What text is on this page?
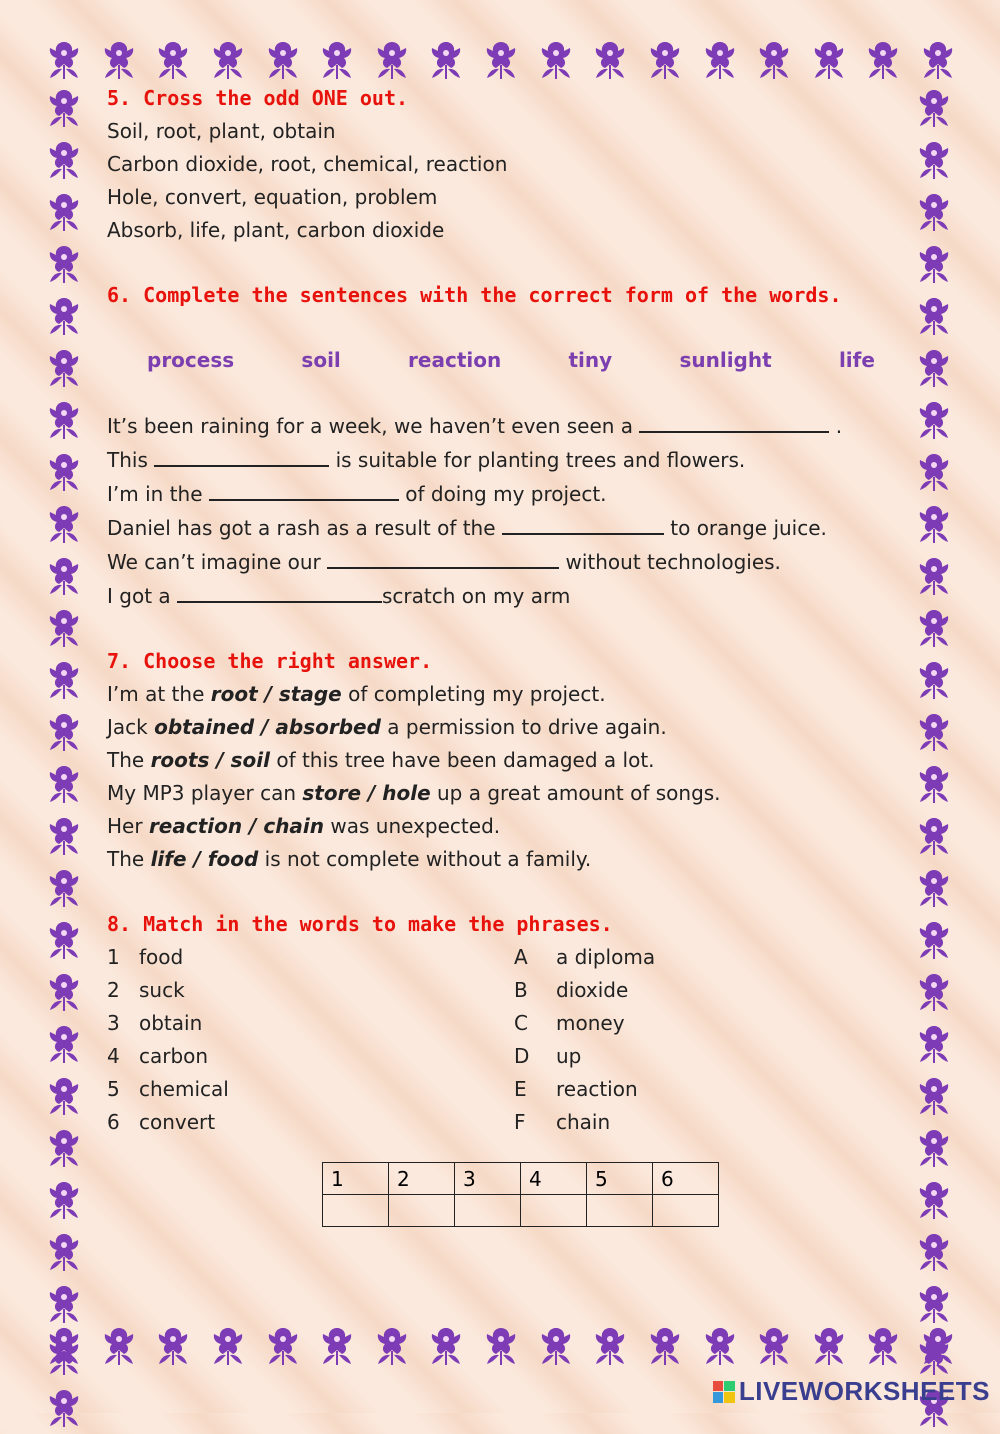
5. Cross the odd ONE out.
Soil, root, plant, obtain
Carbon dioxide, root, chemical, reaction
Hole, convert, equation, problem
Absorb, life, plant, carbon dioxide
6. Complete the sentences with the correct form of the words.
process	soil	reaction	tiny	sunlight	life
It’s been raining for a week, we haven’t even seen a	.
This	is suitable for planting trees and flowers.
I’m in the	of doing my project.
Daniel has got a rash as a result of the	to orange juice.
We can’t imagine our	without technologies.
I got a	scratch on my arm
7. Choose the right answer.
I’m at the root / stage of completing my project.
Jack obtained / absorbed a permission to drive again.
The roots / soil of this tree have been damaged a lot.
My MP3 player can store / hole up a great amount of songs.
Her reaction / chain was unexpected.
The life / food is not complete without a family.
8. Match in the words to make the phrases.
1 food	A	a diploma
2 suck	B	dioxide
3 obtain	C	money
4 carbon	D	up
5 chemical	E	reaction
6 convert	F	chain
1	2	3	4	5	6

LIVEWORKSHEETS
